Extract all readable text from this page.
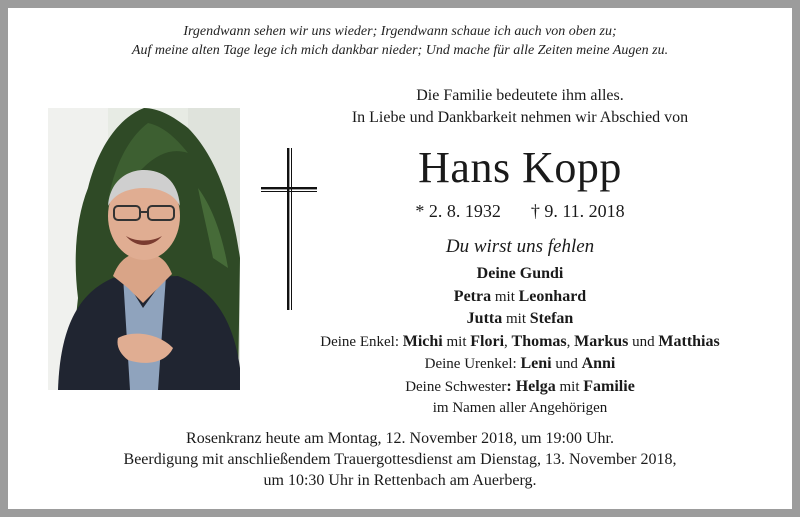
Irgendwann sehen wir uns wieder; Irgendwann schaue ich auch von oben zu;
Auf meine alten Tage lege ich mich dankbar nieder; Und mache für alle Zeiten meine Augen zu.
Die Familie bedeutete ihm alles.
In Liebe und Dankbarkeit nehmen wir Abschied von
Hans Kopp
* 2. 8. 1932 † 9. 11. 2018
Du wirst uns fehlen
Deine Gundi
Petra mit Leonhard
Jutta mit Stefan
Deine Enkel: Michi mit Flori, Thomas, Markus und Matthias
Deine Urenkel: Leni und Anni
Deine Schwester: Helga mit Familie
im Namen aller Angehörigen
Rosenkranz heute am Montag, 12. November 2018, um 19:00 Uhr.
Beerdigung mit anschließendem Trauergottesdienst am Dienstag, 13. November 2018,
um 10:30 Uhr in Rettenbach am Auerberg.
